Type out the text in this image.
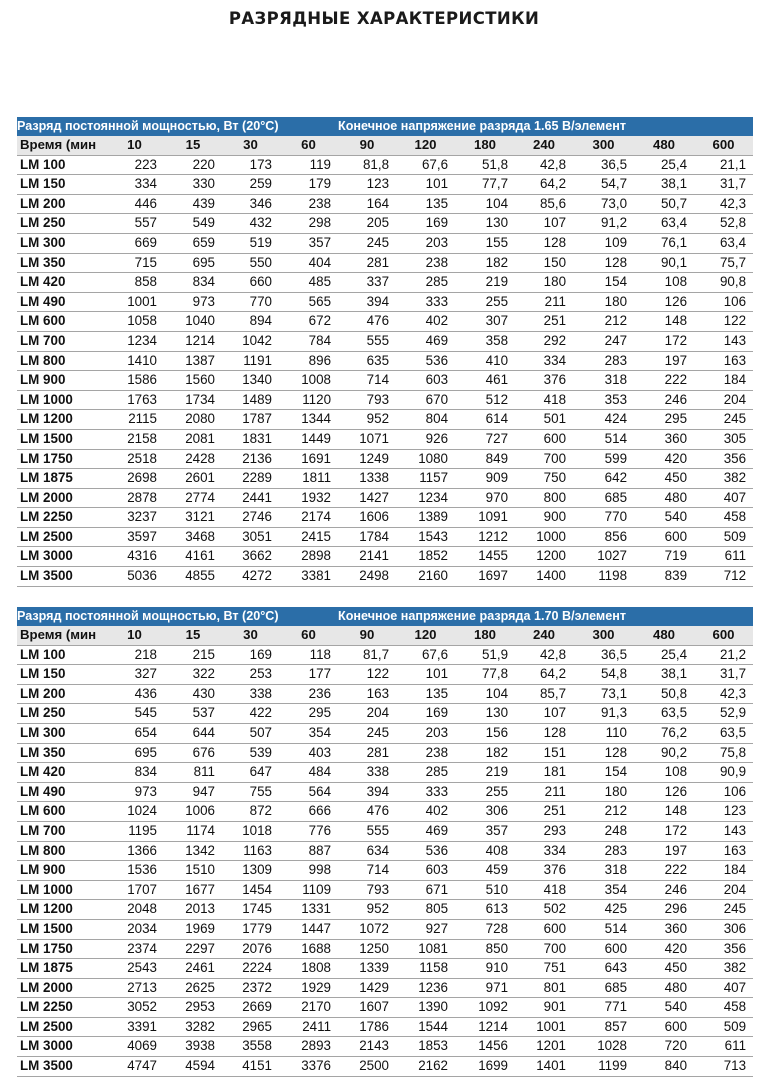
РАЗРЯДНЫЕ ХАРАКТЕРИСТИКИ
Разряд постоянной мощностью, Вт (20°C)					Конечное напряжение разряда 1.65 В/элемент						
Время (мин	10	15	30	60	90	120	180	240	300	480	600
LM 100	223	220	173	119	81,8	67,6	51,8	42,8	36,5	25,4	21,1
LM 150	334	330	259	179	123	101	77,7	64,2	54,7	38,1	31,7
LM 200	446	439	346	238	164	135	104	85,6	73,0	50,7	42,3
LM 250	557	549	432	298	205	169	130	107	91,2	63,4	52,8
LM 300	669	659	519	357	245	203	155	128	109	76,1	63,4
LM 350	715	695	550	404	281	238	182	150	128	90,1	75,7
LM 420	858	834	660	485	337	285	219	180	154	108	90,8
LM 490	1001	973	770	565	394	333	255	211	180	126	106
LM 600	1058	1040	894	672	476	402	307	251	212	148	122
LM 700	1234	1214	1042	784	555	469	358	292	247	172	143
LM 800	1410	1387	1191	896	635	536	410	334	283	197	163
LM 900	1586	1560	1340	1008	714	603	461	376	318	222	184
LM 1000	1763	1734	1489	1120	793	670	512	418	353	246	204
LM 1200	2115	2080	1787	1344	952	804	614	501	424	295	245
LM 1500	2158	2081	1831	1449	1071	926	727	600	514	360	305
LM 1750	2518	2428	2136	1691	1249	1080	849	700	599	420	356
LM 1875	2698	2601	2289	1811	1338	1157	909	750	642	450	382
LM 2000	2878	2774	2441	1932	1427	1234	970	800	685	480	407
LM 2250	3237	3121	2746	2174	1606	1389	1091	900	770	540	458
LM 2500	3597	3468	3051	2415	1784	1543	1212	1000	856	600	509
LM 3000	4316	4161	3662	2898	2141	1852	1455	1200	1027	719	611
LM 3500	5036	4855	4272	3381	2498	2160	1697	1400	1198	839	712
Разряд постоянной мощностью, Вт (20°C)					Конечное напряжение разряда 1.70 В/элемент						
Время (мин	10	15	30	60	90	120	180	240	300	480	600
LM 100	218	215	169	118	81,7	67,6	51,9	42,8	36,5	25,4	21,2
LM 150	327	322	253	177	122	101	77,8	64,2	54,8	38,1	31,7
LM 200	436	430	338	236	163	135	104	85,7	73,1	50,8	42,3
LM 250	545	537	422	295	204	169	130	107	91,3	63,5	52,9
LM 300	654	644	507	354	245	203	156	128	110	76,2	63,5
LM 350	695	676	539	403	281	238	182	151	128	90,2	75,8
LM 420	834	811	647	484	338	285	219	181	154	108	90,9
LM 490	973	947	755	564	394	333	255	211	180	126	106
LM 600	1024	1006	872	666	476	402	306	251	212	148	123
LM 700	1195	1174	1018	776	555	469	357	293	248	172	143
LM 800	1366	1342	1163	887	634	536	408	334	283	197	163
LM 900	1536	1510	1309	998	714	603	459	376	318	222	184
LM 1000	1707	1677	1454	1109	793	671	510	418	354	246	204
LM 1200	2048	2013	1745	1331	952	805	613	502	425	296	245
LM 1500	2034	1969	1779	1447	1072	927	728	600	514	360	306
LM 1750	2374	2297	2076	1688	1250	1081	850	700	600	420	356
LM 1875	2543	2461	2224	1808	1339	1158	910	751	643	450	382
LM 2000	2713	2625	2372	1929	1429	1236	971	801	685	480	407
LM 2250	3052	2953	2669	2170	1607	1390	1092	901	771	540	458
LM 2500	3391	3282	2965	2411	1786	1544	1214	1001	857	600	509
LM 3000	4069	3938	3558	2893	2143	1853	1456	1201	1028	720	611
LM 3500	4747	4594	4151	3376	2500	2162	1699	1401	1199	840	713
